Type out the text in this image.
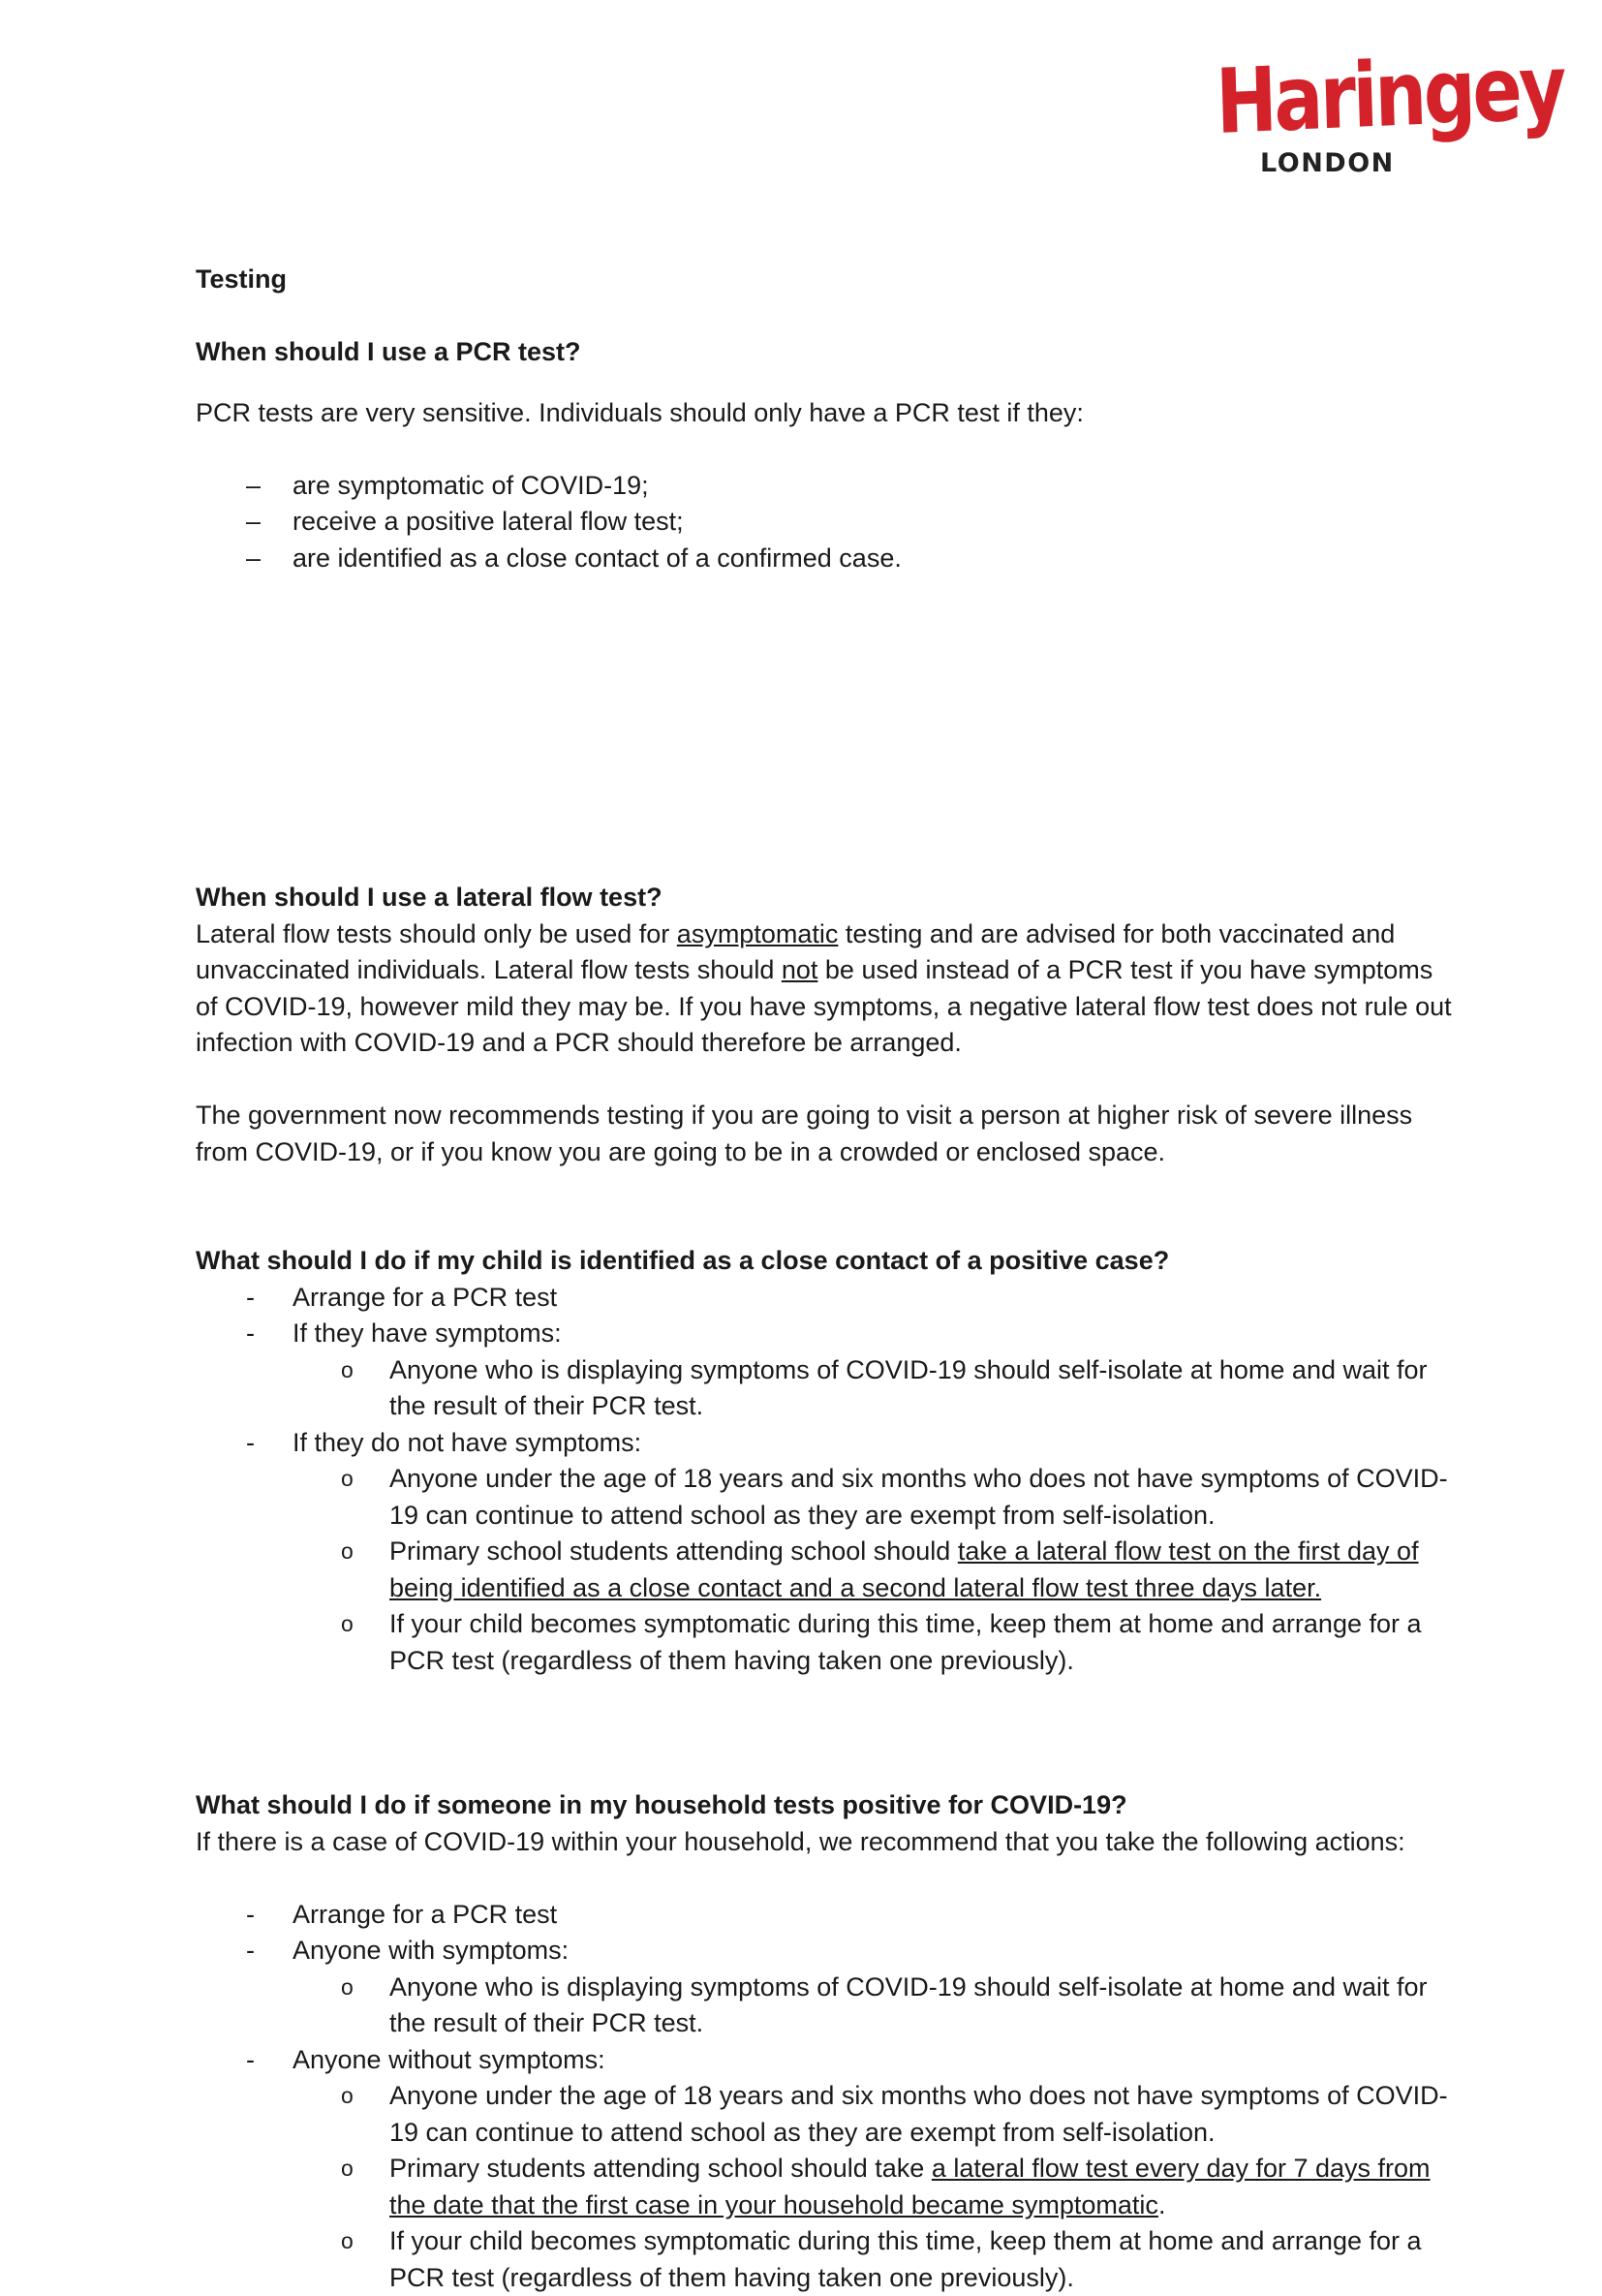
Haringey
LONDON
Testing

When should I use a PCR test?

PCR tests are very sensitive. Individuals should only have a PCR test if they:

– are symptomatic of COVID-19;
– receive a positive lateral flow test;
– are identified as a close contact of a confirmed case.

When should I use a lateral flow test?

Lateral flow tests should only be used for asymptomatic testing and are advised for both vaccinated and unvaccinated individuals. Lateral flow tests should not be used instead of a PCR test if you have symptoms of COVID-19, however mild they may be. If you have symptoms, a negative lateral flow test does not rule out infection with COVID-19 and a PCR should therefore be arranged.

The government now recommends testing if you are going to visit a person at higher risk of severe illness from COVID-19, or if you know you are going to be in a crowded or enclosed space.

What should I do if my child is identified as a close contact of a positive case?

- Arrange for a PCR test
- If they have symptoms:
o Anyone who is displaying symptoms of COVID-19 should self-isolate at home and wait for the result of their PCR test.
- If they do not have symptoms:
o Anyone under the age of 18 years and six months who does not have symptoms of COVID-19 can continue to attend school as they are exempt from self-isolation.
o Primary school students attending school should take a lateral flow test on the first day of being identified as a close contact and a second lateral flow test three days later.
o If your child becomes symptomatic during this time, keep them at home and arrange for a PCR test (regardless of them having taken one previously).

What should I do if someone in my household tests positive for COVID-19?

If there is a case of COVID-19 within your household, we recommend that you take the following actions:

- Arrange for a PCR test
- Anyone with symptoms:
o Anyone who is displaying symptoms of COVID-19 should self-isolate at home and wait for the result of their PCR test.
- Anyone without symptoms:
o Anyone under the age of 18 years and six months who does not have symptoms of COVID-19 can continue to attend school as they are exempt from self-isolation.
o Primary students attending school should take a lateral flow test every day for 7 days from the date that the first case in your household became symptomatic.
o If your child becomes symptomatic during this time, keep them at home and arrange for a PCR test (regardless of them having taken one previously).
